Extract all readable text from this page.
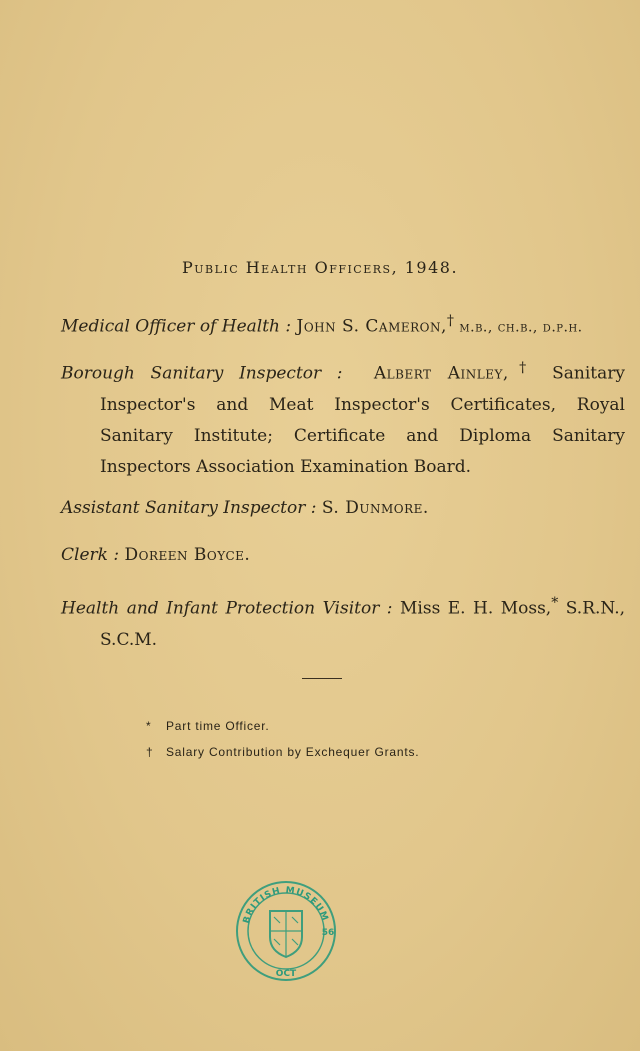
Public Health Officers, 1948.
Medical Officer of Health : John S. Cameron,† m.b., ch.b., d.p.h.
Borough Sanitary Inspector : Albert Ainley,† Sanitary Inspector's and Meat Inspector's Certificates, Royal Sanitary Institute; Certificate and Diploma Sanitary Inspectors Association Examination Board.
Assistant Sanitary Inspector : S. Dunmore.
Clerk : Doreen Boyce.
Health and Infant Protection Visitor : Miss E. H. Moss,* S.R.N., S.C.M.
* Part time Officer.
† Salary Contribution by Exchequer Grants.
BRITISH MUSEUM
OCT
56
